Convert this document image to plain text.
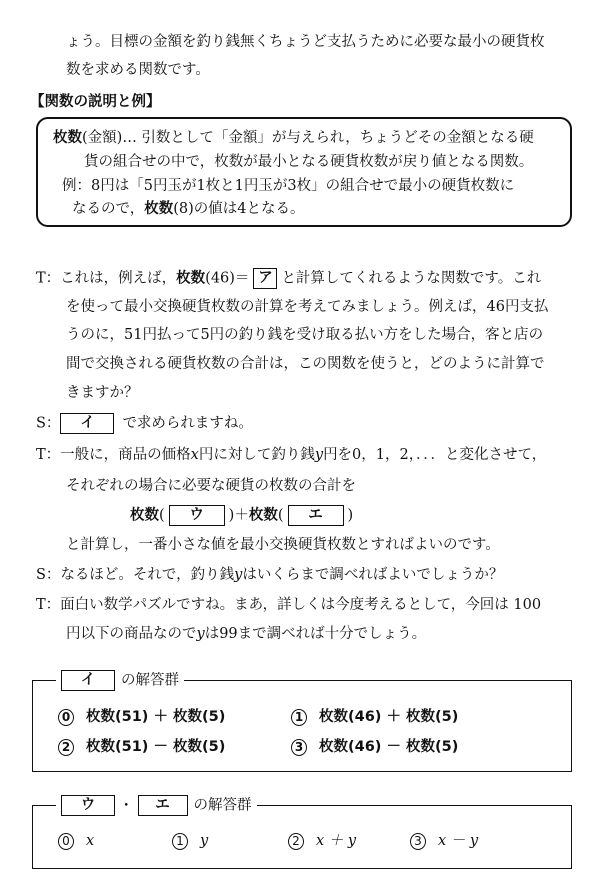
ょう。目標の金額を釣り銭無くちょうど支払うために必要な最小の硬貨枚
数を求める関数です。
【関数の説明と例】
枚数(金額)… 引数として「金額」が与えられ，ちょうどその金額となる硬
貨の組合せの中で，枚数が最小となる硬貨枚数が戻り値となる関数。
例：8円は「5円玉が1枚と1円玉が3枚」の組合せで最小の硬貨枚数に
なるので，枚数(8)の値は4となる。
T：これは，例えば，枚数(46)＝ ア と計算してくれるような関数です。これ
を使って最小交換硬貨枚数の計算を考えてみましょう。例えば，46円支払
うのに，51円払って5円の釣り銭を受け取る払い方をした場合，客と店の
間で交換される硬貨枚数の合計は，この関数を使うと，どのように計算で
きますか？
S： イ で求められますね。
T：一般に，商品の価格x円に対して釣り銭y円を0，1，2，．．．と変化させて，
それぞれの場合に必要な硬貨の枚数の合計を
枚数( ウ )＋枚数( エ )
と計算し，一番小さな値を最小交換硬貨枚数とすればよいのです。
S：なるほど。それで，釣り銭yはいくらまで調べればよいでしょうか？
T：面白い数学パズルですね。まあ，詳しくは今度考えるとして，今回は 100
円以下の商品なのでyは99まで調べれば十分でしょう。
イ の解答群
0 枚数(51) ＋ 枚数(5)	1 枚数(46) ＋ 枚数(5)
2 枚数(51) － 枚数(5)	3 枚数(46) － 枚数(5)
ウ ・ エ の解答群
0 x	1 y	2 x ＋ y	3 x － y
